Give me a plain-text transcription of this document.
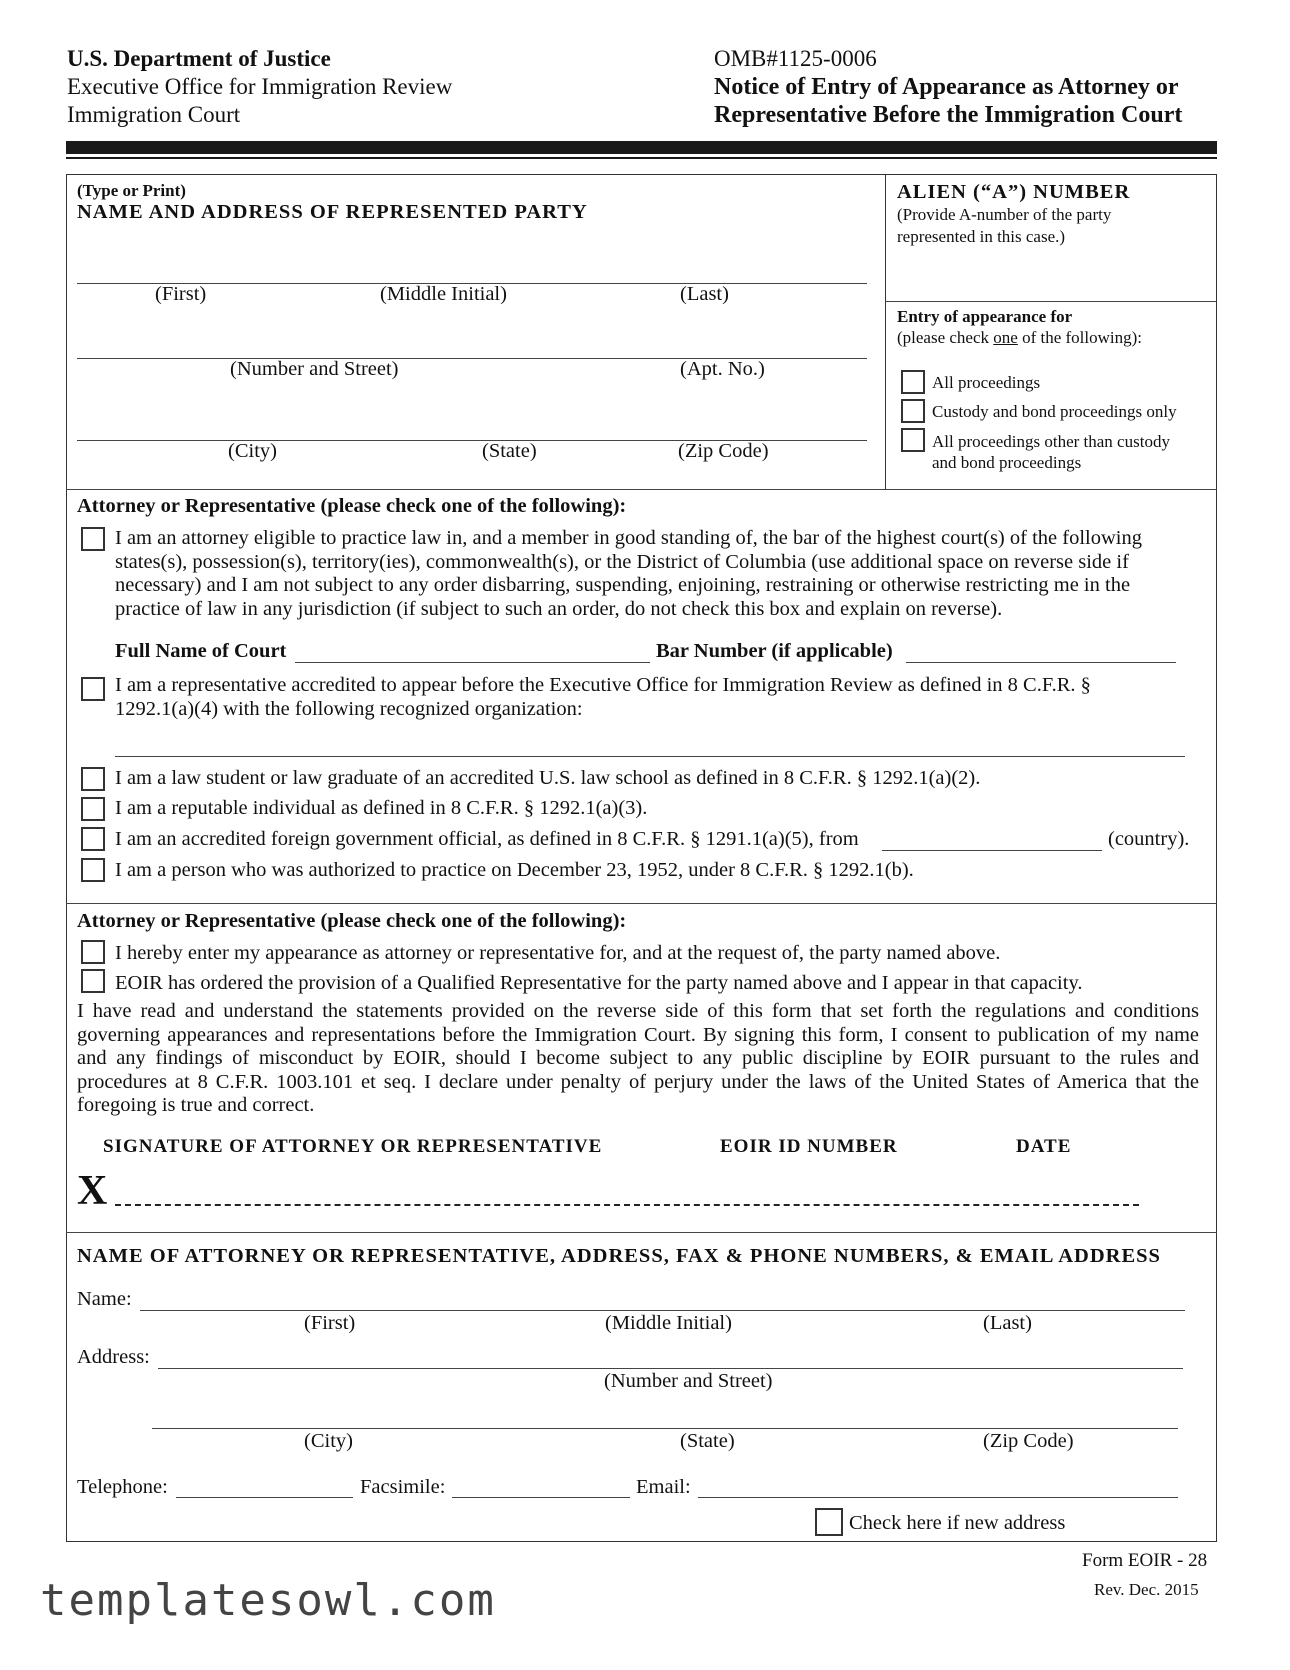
U.S. Department of Justice
Executive Office for Immigration Review
Immigration Court
OMB#1125-0006
Notice of Entry of Appearance as Attorney or
Representative Before the Immigration Court
(Type or Print)
NAME AND ADDRESS OF REPRESENTED PARTY
(First)	(Middle Initial)	(Last)
(Number and Street)	(Apt. No.)
(City)	(State)	(Zip Code)
ALIEN (“A”) NUMBER
(Provide A-number of the party
represented in this case.)
Entry of appearance for
(please check one of the following):
All proceedings
Custody and bond proceedings only
All proceedings other than custody
and bond proceedings
Attorney or Representative (please check one of the following):
I am an attorney eligible to practice law in, and a member in good standing of, the bar of the highest court(s) of the following
states(s), possession(s), territory(ies), commonwealth(s), or the District of Columbia (use additional space on reverse side if
necessary) and I am not subject to any order disbarring, suspending, enjoining, restraining or otherwise restricting me in the
practice of law in any jurisdiction (if subject to such an order, do not check this box and explain on reverse).
Full Name of Court	Bar Number (if applicable)
I am a representative accredited to appear before the Executive Office for Immigration Review as defined in 8 C.F.R. §
1292.1(a)(4) with the following recognized organization:
I am a law student or law graduate of an accredited U.S. law school as defined in 8 C.F.R. § 1292.1(a)(2).
I am a reputable individual as defined in 8 C.F.R. § 1292.1(a)(3).
I am an accredited foreign government official, as defined in 8 C.F.R. § 1291.1(a)(5), from	(country).
I am a person who was authorized to practice on December 23, 1952, under 8 C.F.R. § 1292.1(b).
Attorney or Representative (please check one of the following):
I hereby enter my appearance as attorney or representative for, and at the request of, the party named above.
EOIR has ordered the provision of a Qualified Representative for the party named above and I appear in that capacity.
I have read and understand the statements provided on the reverse side of this form that set forth the regulations and conditions
governing appearances and representations before the Immigration Court. By signing this form, I consent to publication of my name
and any findings of misconduct by EOIR, should I become subject to any public discipline by EOIR pursuant to the rules and
procedures at 8 C.F.R. 1003.101 et seq. I declare under penalty of perjury under the laws of the United States of America that the
foregoing is true and correct.
SIGNATURE OF ATTORNEY OR REPRESENTATIVE	EOIR ID NUMBER	DATE
X
NAME OF ATTORNEY OR REPRESENTATIVE, ADDRESS, FAX & PHONE NUMBERS, & EMAIL ADDRESS
Name:
(First)	(Middle Initial)	(Last)
Address:
(Number and Street)
(City)	(State)	(Zip Code)
Telephone:	Facsimile:	Email:
Check here if new address
Form EOIR - 28
Rev. Dec. 2015
templatesowl.com
